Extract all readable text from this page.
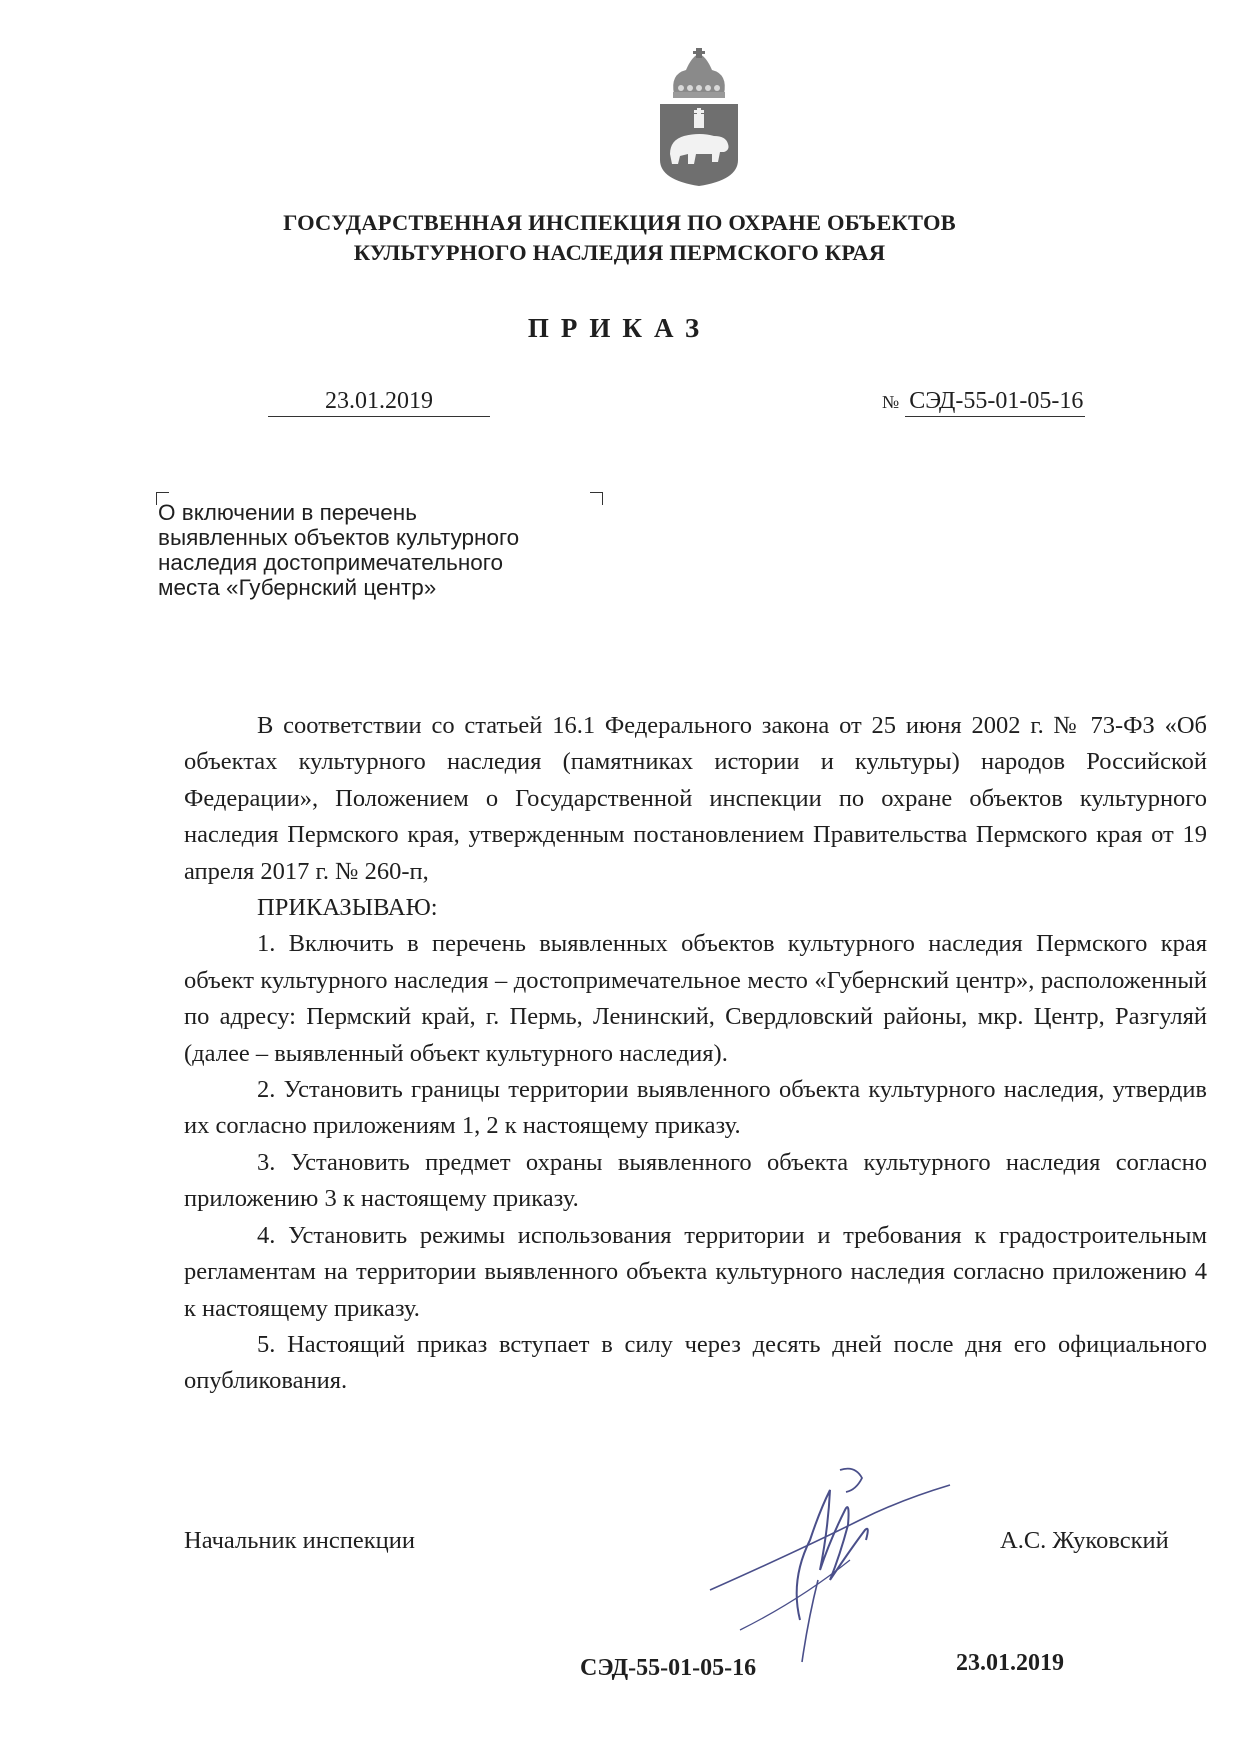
ГОСУДАРСТВЕННАЯ ИНСПЕКЦИЯ ПО ОХРАНЕ ОБЪЕКТОВ
КУЛЬТУРНОГО НАСЛЕДИЯ ПЕРМСКОГО КРАЯ
ПРИКАЗ
23.01.2019	№ СЭД-55-01-05-16
О включении в перечень
выявленных объектов культурного
наследия достопримечательного
места «Губернский центр»

В соответствии со статьей 16.1 Федерального закона от 25 июня 2002 г. № 73-ФЗ «Об объектах культурного наследия (памятниках истории и культуры) народов Российской Федерации», Положением о Государственной инспекции по охране объектов культурного наследия Пермского края, утвержденным постановлением Правительства Пермского края от 19 апреля 2017 г. № 260-п,

ПРИКАЗЫВАЮ:

1. Включить в перечень выявленных объектов культурного наследия Пермского края объект культурного наследия – достопримечательное место «Губернский центр», расположенный по адресу: Пермский край, г. Пермь, Ленинский, Свердловский районы, мкр. Центр, Разгуляй (далее – выявленный объект культурного наследия).

2. Установить границы территории выявленного объекта культурного наследия, утвердив их согласно приложениям 1, 2 к настоящему приказу.

3. Установить предмет охраны выявленного объекта культурного наследия согласно приложению 3 к настоящему приказу.

4. Установить режимы использования территории и требования к градостроительным регламентам на территории выявленного объекта культурного наследия согласно приложению 4 к настоящему приказу.

5. Настоящий приказ вступает в силу через десять дней после дня его официального опубликования.

Начальник инспекции	А.С. Жуковский
СЭД-55-01-05-16	23.01.2019
